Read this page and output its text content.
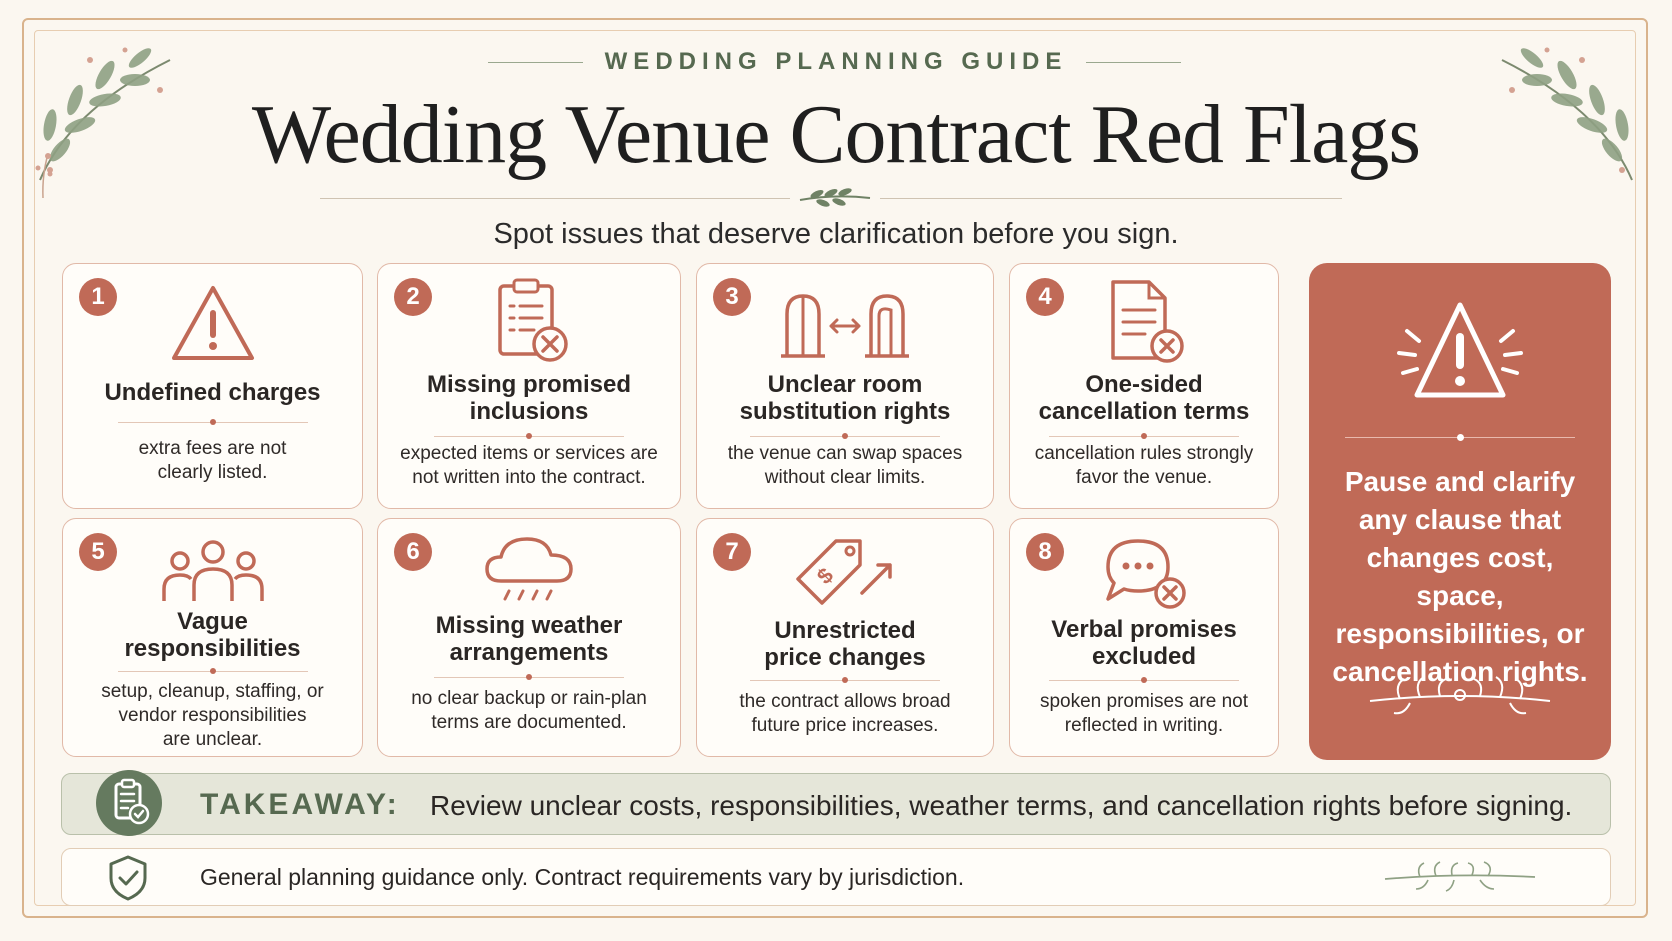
WEDDING PLANNING GUIDE
Wedding Venue Contract Red Flags
Spot issues that deserve clarification before you sign.
1
Undefined charges
extra fees are not
clearly listed.
2
Missing promised
inclusions
expected items or services are
not written into the contract.
3
Unclear room
substitution rights
the venue can swap spaces
without clear limits.
4
One-sided
cancellation terms
cancellation rules strongly
favor the venue.
5
Vague
responsibilities
setup, cleanup, staffing, or
vendor responsibilities
are unclear.
6
Missing weather
arrangements
no clear backup or rain-plan
terms are documented.
7
$
Unrestricted
price changes
the contract allows broad
future price increases.
8
Verbal promises
excluded
spoken promises are not
reflected in writing.
Pause and clarify
any clause that
changes cost, space,
responsibilities, or
cancellation rights.
TAKEAWAY: Review unclear costs, responsibilities, weather terms, and cancellation rights before signing.
General planning guidance only. Contract requirements vary by jurisdiction.
